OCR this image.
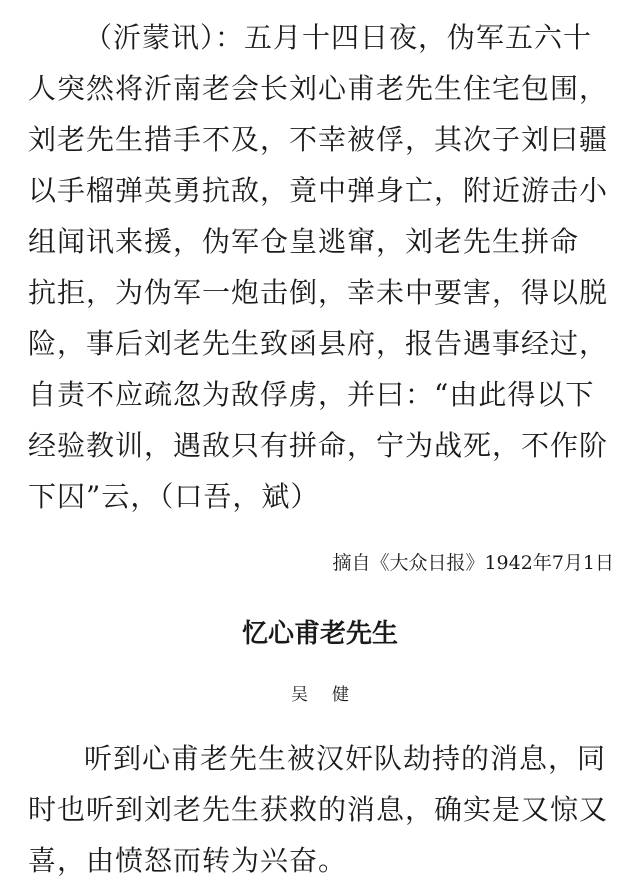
（沂蒙讯）：五月十四日夜，伪军五六十
人突然将沂南老会长刘心甫老先生住宅包围，
刘老先生措手不及，不幸被俘，其次子刘曰疆
以手榴弹英勇抗敌，竟中弹身亡，附近游击小
组闻讯来援，伪军仓皇逃窜，刘老先生拼命
抗拒，为伪军一炮击倒，幸未中要害，得以脱
险，事后刘老先生致函县府，报告遇事经过，
自责不应疏忽为敌俘虏，并曰：“由此得以下
经验教训，遇敌只有拼命，宁为战死，不作阶
下囚”云，（口吾，斌）
摘自《大众日报》1942年7月1日
忆心甫老先生
吴健
听到心甫老先生被汉奸队劫持的消息，同
时也听到刘老先生获救的消息，确实是又惊又
喜，由愤怒而转为兴奋。
